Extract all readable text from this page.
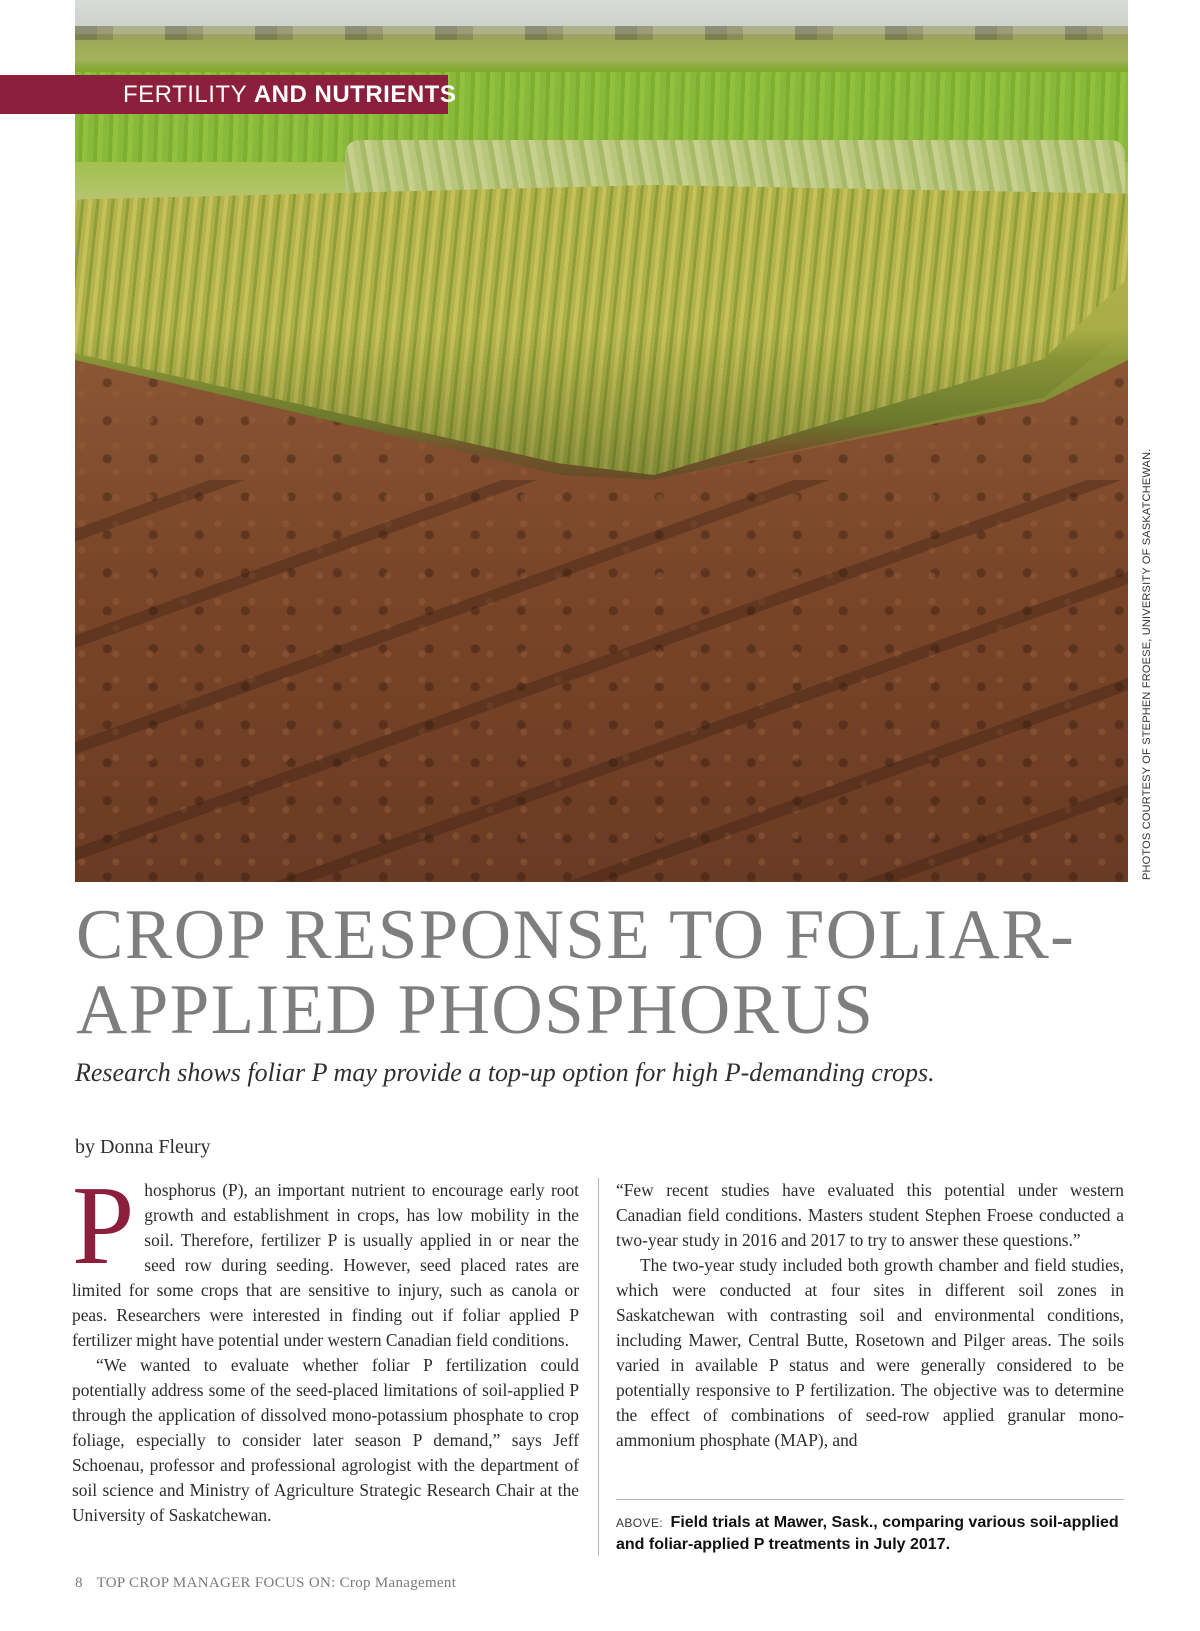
FERTILITY AND NUTRIENTS
PHOTOS COURTESY OF STEPHEN FROESE, UNIVERSITY OF SASKATCHEWAN.
CROP RESPONSE TO FOLIAR-
APPLIED PHOSPHORUS
Research shows foliar P may provide a top-up option for high P-demanding crops.
by Donna Fleury

Phosphorus (P), an important nutrient to encourage early root growth and establishment in crops, has low mobility in the soil. Therefore, fertilizer P is usually applied in or near the seed row during seeding. However, seed placed rates are limited for some crops that are sensitive to injury, such as canola or peas. Researchers were interested in finding out if foliar applied P fertilizer might have potential under western Canadian field conditions.

“We wanted to evaluate whether foliar P fertilization could potentially address some of the seed-placed limitations of soil-applied P through the application of dissolved mono-potassium phosphate to crop foliage, especially to consider later season P demand,” says Jeff Schoenau, professor and professional agrologist with the department of soil science and Ministry of Agriculture Strategic Research Chair at the University of Saskatchewan.

“Few recent studies have evaluated this potential under western Canadian field conditions. Masters student Stephen Froese conducted a two-year study in 2016 and 2017 to try to answer these questions.”

The two-year study included both growth chamber and field studies, which were conducted at four sites in different soil zones in Saskatchewan with contrasting soil and environmental conditions, including Mawer, Central Butte, Rosetown and Pilger areas. The soils varied in available P status and were generally considered to be potentially responsive to P fertilization. The objective was to determine the effect of combinations of seed-row applied granular mono-ammonium phosphate (MAP), and

ABOVE: Field trials at Mawer, Sask., comparing various soil-applied and foliar-applied P treatments in July 2017.
8 TOP CROP MANAGER FOCUS ON: Crop Management
